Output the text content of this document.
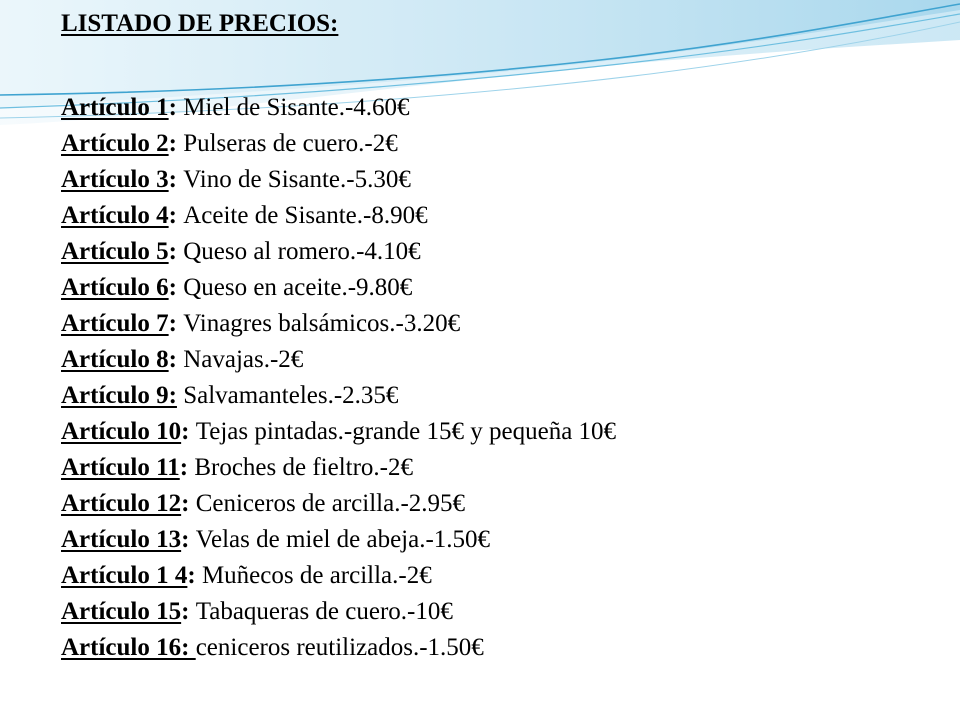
LISTADO DE PRECIOS:
Artículo 1: Miel de Sisante.-4.60€
Artículo 2: Pulseras de cuero.-2€
Artículo 3: Vino de Sisante.-5.30€
Artículo 4: Aceite de Sisante.-8.90€
Artículo 5: Queso al romero.-4.10€
Artículo 6: Queso en aceite.-9.80€
Artículo 7: Vinagres balsámicos.-3.20€
Artículo 8: Navajas.-2€
Artículo 9: Salvamanteles.-2.35€
Artículo 10: Tejas pintadas.-grande 15€ y pequeña 10€
Artículo 11: Broches de fieltro.-2€
Artículo 12: Ceniceros de arcilla.-2.95€
Artículo 13: Velas de miel de abeja.-1.50€
Artículo 1 4: Muñecos de arcilla.-2€
Artículo 15: Tabaqueras de cuero.-10€
Artículo 16: ceniceros reutilizados.-1.50€
